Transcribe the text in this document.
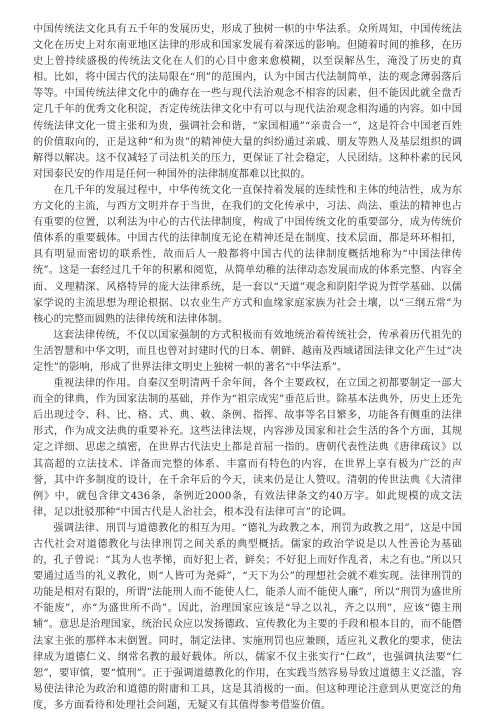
中国传统法文化具有五千年的发展历史，形成了独树一帜的中华法系。众所周知，中国传统法文化在历史上对东南亚地区法律的形成和国家发展有着深远的影响。但随着时间的推移，在历史上曾持续盛极的传统法文化在人们的心目中愈来愈模糊，以至误解丛生，淹没了历史的真相。比如，将中国古代的法局限在“刑”的范围内，认为中国古代法制简单，法的观念薄弱落后等等。中国传统法律文化中的确存在一些与现代法治观念不相容的因素，但不能因此就全盘否定几千年的优秀文化积淀，否定传统法律文化中有可以与现代法治观念相沟通的内容。如中国传统法律文化一贯主张和为贵，强调社会和谐，“家国相通”“亲责合一”，这是符合中国老百姓的价值取向的，正是这种“和为贵”的精神使大量的纠纷通过亲戚、朋友等熟人及基层组织的调解得以解决。这不仅减轻了司法机关的压力，更保证了社会稳定，人民团结。这种朴素的民风对国泰民安的作用是任何一种国外的法律制度都难以比拟的。

在几千年的发展过程中，中华传统文化一直保持着发展的连续性和主体的纯洁性，成为东方文化的主流，与西方文明并存于当世，在我们的文化传承中，习法、尚法、重法的精神也占有重要的位置，以利法为中心的古代法律制度，构成了中国传统文化的重要部分，成为传统价值体系的重要载体。中国古代的法律制度无论在精神还是在制度、技术层面，都是环环相扣，具有明显而密切的联系性，故而后人一般都将中国古代的法律制度概括地称为“中国法律传统”。这是一套经过几千年的积累和阅览，从简单幼稚的法律动态发展而成的体系完整、内容全面、义理精深、风格特异的庞大法律系统，是一套以“天道”观念和阴阳学说为哲学基础、以儒家学说的主流思想为理论根据、以农业生产方式和血缘家庭家族为社会土壤，以“三纲五常”为核心的完整而圆熟的法律传统和法律体制。

这套法律传统，不仅以国家强制的方式积极而有效地统治着传统社会，传承着历代祖先的生活智慧和中华文明，而且也曾对封建时代的日本、朝鲜、越南及西域诸国法律文化产生过“决定性”的影响，形成了世界法律文明史上独树一帜的著名“中华法系”。

重视法律的作用。自秦汉至明清两千余年间，各个主要政权，在立国之初都要制定一部大而全的律典，作为国家法制的基础，并作为“祖宗成宪”垂范后世。除基本法典外，历史上还先后出现过令、科、比、格、式、典、敕、条例、指挥、故事等名目繁多，功能各有侧重的法律形式，作为成文法典的重要补充。这些法律法规，内容涉及国家和社会生活的各个方面，其规定之详细、思虑之缜密，在世界古代法史上都是首屈一指的。唐朝代表性法典《唐律疏议》以其高超的立法技术、详备而完整的体系、丰富而有特色的内容，在世界上享有极为广泛的声誉，其中许多制度的设计，在千余年后的今天，读来仍是让人赞叹。清朝的传世法典《大清律例》中，就包含律文436条，条例近2000条，有效法律条文约40万字。如此规模的成文法律，足以批驳那种“中国古代是人治社会，根本没有法律可言”的论调。

强调法律、刑罚与道德教化的相互为用。“德礼为政教之本，刑罚为政教之用”，这是中国古代社会对道德教化与法律刑罚之间关系的典型概括。儒家的政治学说是以人性善论为基础的，孔子曾说：“其为人也孝悌，而好犯上者，鲜矣；不好犯上而好作乱者，未之有也。”所以只要通过适当的礼义教化，则“人皆可为尧舜”，“天下为公”的理想社会就不难实现。法律刑罚的功能是相对有限的，所谓“法能刑人而不能使人仁，能杀人而不能使人廉”，所以“刑罚为盛世所不能废”，亦“为盛世所不尚”。因此，治理国家应该是“导之以礼，齐之以刑”，应该“德主刑辅”。意思是治理国家，统治民众应以发扬德政、宣传教化为主要的手段和根本目的，而不能僭法家主张的那样本末倒置。同时，制定法律、实施刑罚也应兼顾，适应礼义教化的要求，使法律成为道德仁义、纲常名教的最好载体。所以，儒家不仅主张实行“仁政”，也强调执法要“仁恕”，要审慎，要“慎刑”。正于强调道德教化的作用，在实践当然容易导致过道德主义泛滥，容易使法律沦为政治和道德的附庸和工具，这是其消极的一面。但这种理论注意到从更宽泛的角度，多方面看待和处理社会问题，无疑又有其值得参考借鉴价值。
